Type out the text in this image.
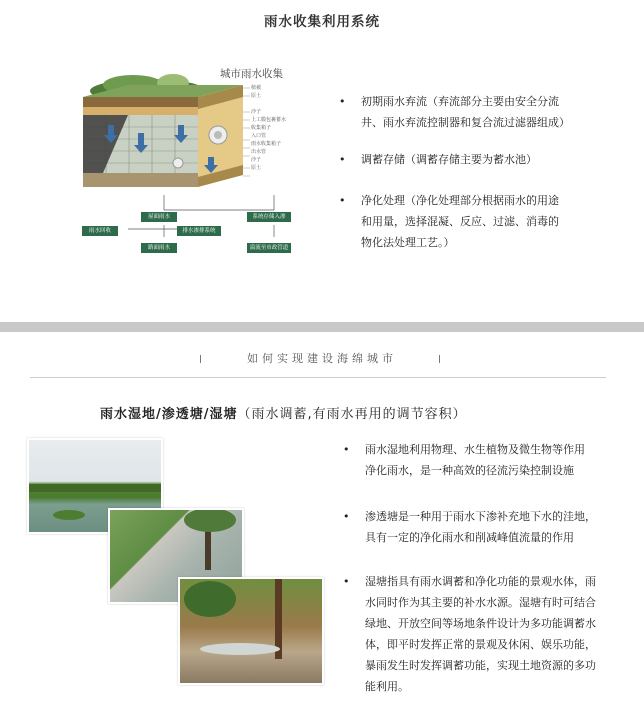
雨水收集利用系统
城市雨水收集
植被
原土
沙子
上工膜包裹蓄水
收集箱子
入口管
雨水收集箱子
出水管
沙子
原土
屋面雨水	系统存储入渗
雨水回收	排水渗排系统
路面雨水	溢流至市政管道
• 初期雨水弃流（弃流部分主要由安全分流
井、雨水弃流控制器和复合流过滤器组成）
• 调蓄存储（调蓄存储主要为蓄水池）
• 净化处理（净化处理部分根据雨水的用途
和用量，选择混凝、反应、过滤、消毒的
物化法处理工艺。）
如何实现建设海绵城市
雨水湿地/渗透塘/湿塘（雨水调蓄,有雨水再用的调节容积）
• 雨水湿地利用物理、水生植物及微生物等作用
净化雨水，是一种高效的径流污染控制设施
• 渗透塘是一种用于雨水下渗补充地下水的洼地，
具有一定的净化雨水和削减峰值流量的作用
• 湿塘指具有雨水调蓄和净化功能的景观水体，雨
水同时作为其主要的补水水源。湿塘有时可结合
绿地、开放空间等场地条件设计为多功能调蓄水
体，即平时发挥正常的景观及休闲、娱乐功能，
暴雨发生时发挥调蓄功能，实现土地资源的多功
能利用。
